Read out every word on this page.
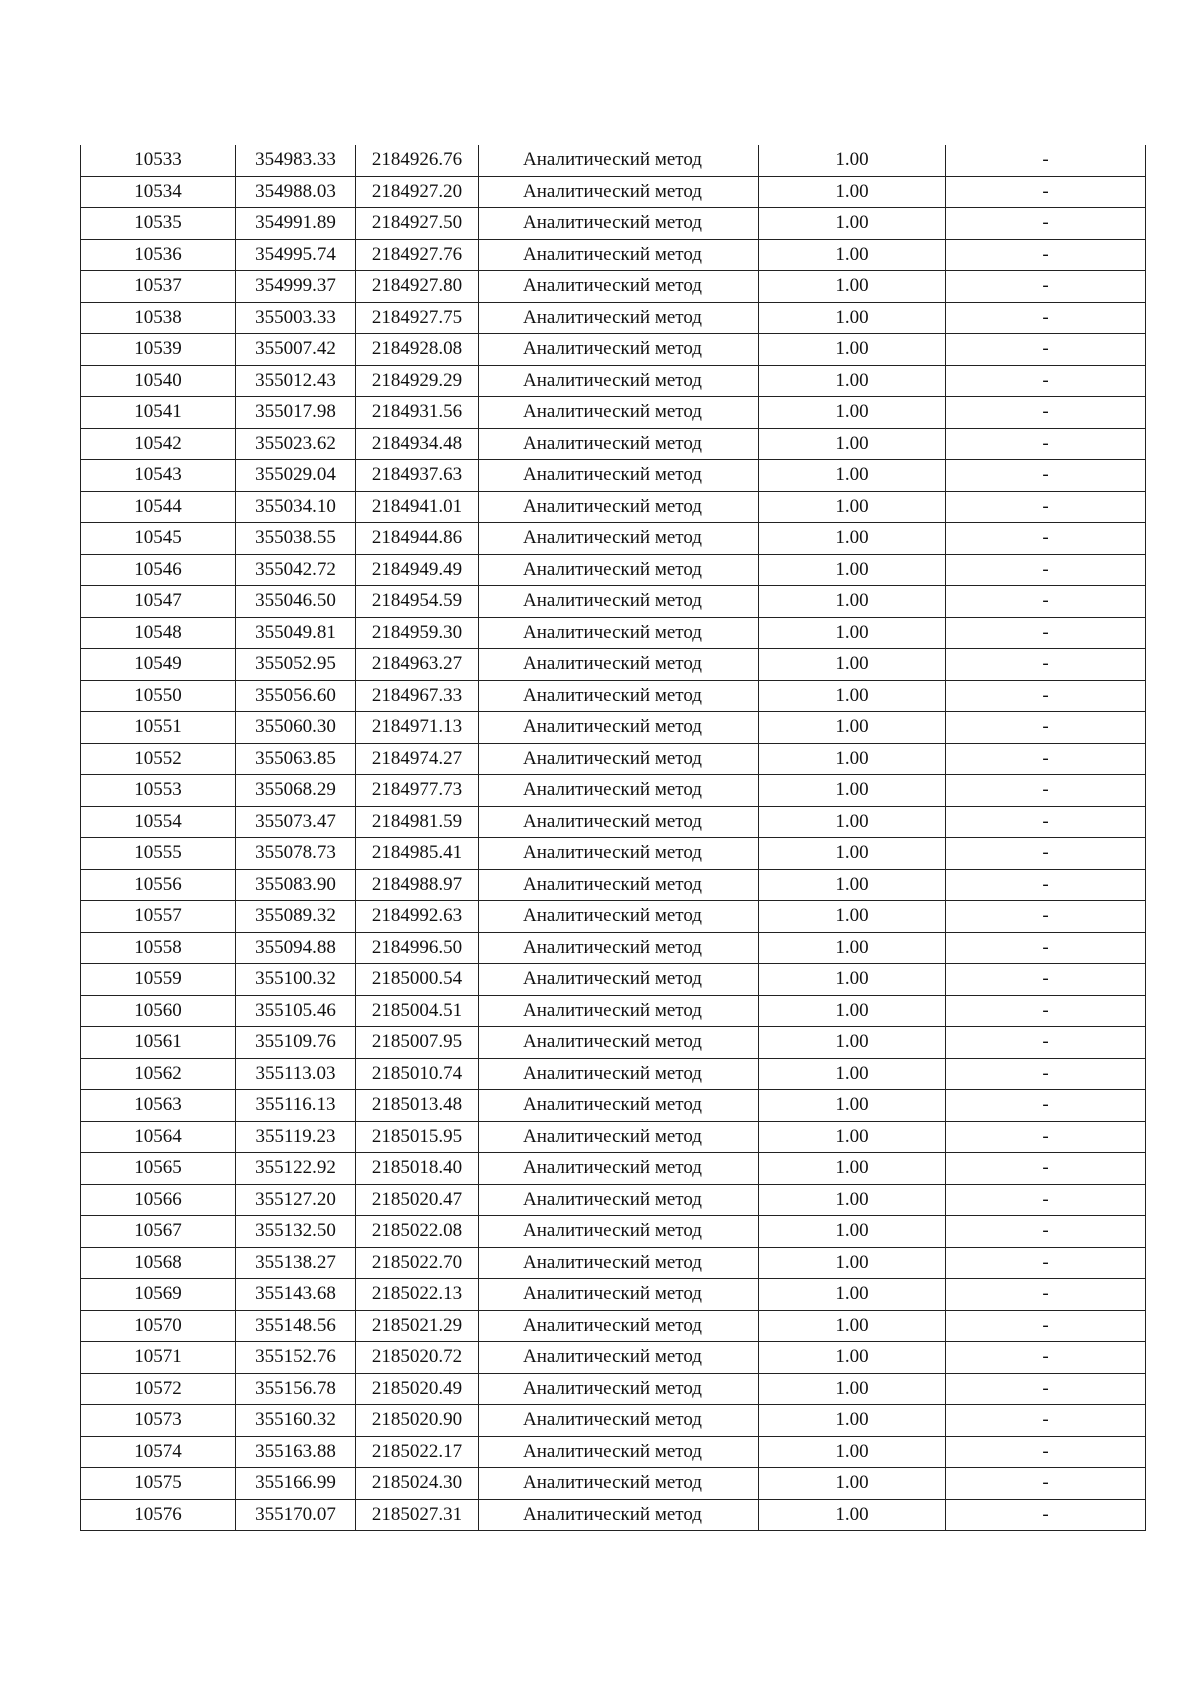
10533	354983.33	2184926.76	Аналитический метод	1.00	-
10534	354988.03	2184927.20	Аналитический метод	1.00	-
10535	354991.89	2184927.50	Аналитический метод	1.00	-
10536	354995.74	2184927.76	Аналитический метод	1.00	-
10537	354999.37	2184927.80	Аналитический метод	1.00	-
10538	355003.33	2184927.75	Аналитический метод	1.00	-
10539	355007.42	2184928.08	Аналитический метод	1.00	-
10540	355012.43	2184929.29	Аналитический метод	1.00	-
10541	355017.98	2184931.56	Аналитический метод	1.00	-
10542	355023.62	2184934.48	Аналитический метод	1.00	-
10543	355029.04	2184937.63	Аналитический метод	1.00	-
10544	355034.10	2184941.01	Аналитический метод	1.00	-
10545	355038.55	2184944.86	Аналитический метод	1.00	-
10546	355042.72	2184949.49	Аналитический метод	1.00	-
10547	355046.50	2184954.59	Аналитический метод	1.00	-
10548	355049.81	2184959.30	Аналитический метод	1.00	-
10549	355052.95	2184963.27	Аналитический метод	1.00	-
10550	355056.60	2184967.33	Аналитический метод	1.00	-
10551	355060.30	2184971.13	Аналитический метод	1.00	-
10552	355063.85	2184974.27	Аналитический метод	1.00	-
10553	355068.29	2184977.73	Аналитический метод	1.00	-
10554	355073.47	2184981.59	Аналитический метод	1.00	-
10555	355078.73	2184985.41	Аналитический метод	1.00	-
10556	355083.90	2184988.97	Аналитический метод	1.00	-
10557	355089.32	2184992.63	Аналитический метод	1.00	-
10558	355094.88	2184996.50	Аналитический метод	1.00	-
10559	355100.32	2185000.54	Аналитический метод	1.00	-
10560	355105.46	2185004.51	Аналитический метод	1.00	-
10561	355109.76	2185007.95	Аналитический метод	1.00	-
10562	355113.03	2185010.74	Аналитический метод	1.00	-
10563	355116.13	2185013.48	Аналитический метод	1.00	-
10564	355119.23	2185015.95	Аналитический метод	1.00	-
10565	355122.92	2185018.40	Аналитический метод	1.00	-
10566	355127.20	2185020.47	Аналитический метод	1.00	-
10567	355132.50	2185022.08	Аналитический метод	1.00	-
10568	355138.27	2185022.70	Аналитический метод	1.00	-
10569	355143.68	2185022.13	Аналитический метод	1.00	-
10570	355148.56	2185021.29	Аналитический метод	1.00	-
10571	355152.76	2185020.72	Аналитический метод	1.00	-
10572	355156.78	2185020.49	Аналитический метод	1.00	-
10573	355160.32	2185020.90	Аналитический метод	1.00	-
10574	355163.88	2185022.17	Аналитический метод	1.00	-
10575	355166.99	2185024.30	Аналитический метод	1.00	-
10576	355170.07	2185027.31	Аналитический метод	1.00	-
